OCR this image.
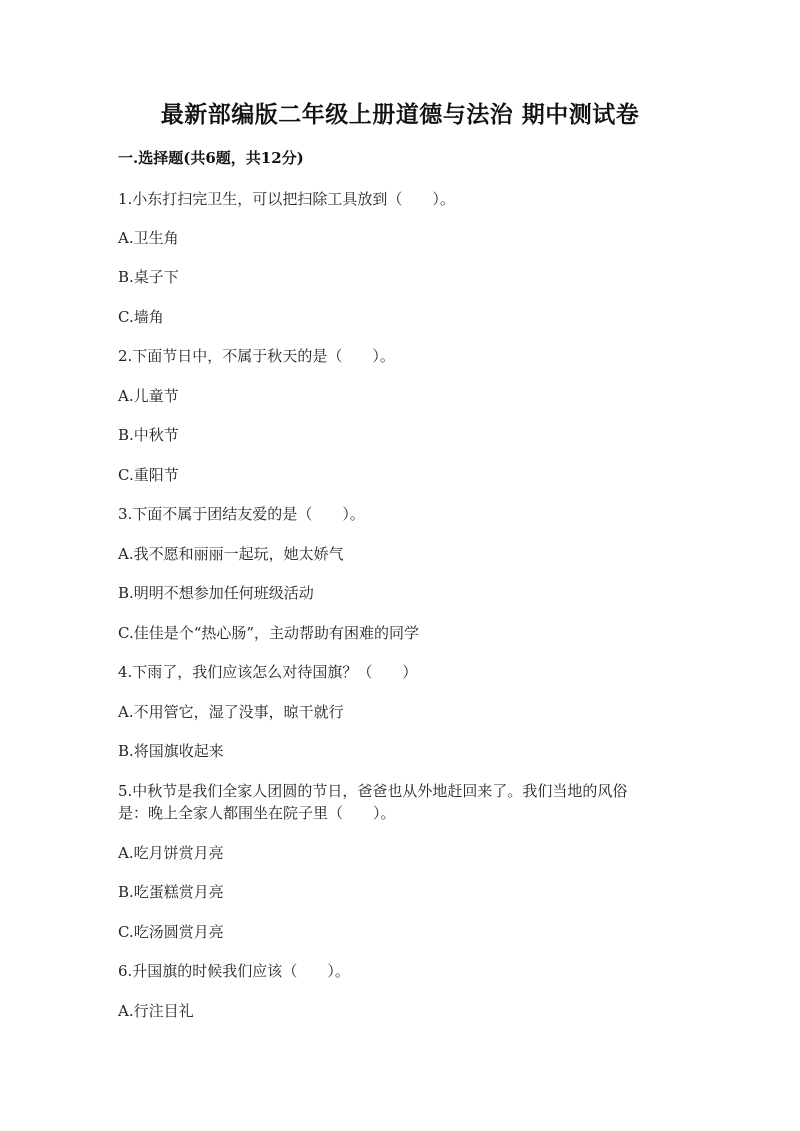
最新部编版二年级上册道德与法治 期中测试卷
一.选择题(共6题，共12分)
1.小东打扫完卫生，可以把扫除工具放到（　　）。
A.卫生角
B.桌子下
C.墙角
2.下面节日中，不属于秋天的是（　　）。
A.儿童节
B.中秋节
C.重阳节
3.下面不属于团结友爱的是（　　）。
A.我不愿和丽丽一起玩，她太娇气
B.明明不想参加任何班级活动
C.佳佳是个“热心肠”，主动帮助有困难的同学
4.下雨了，我们应该怎么对待国旗？（　　）
A.不用管它，湿了没事，晾干就行
B.将国旗收起来
5.中秋节是我们全家人团圆的节日，爸爸也从外地赶回来了。我们当地的风俗
是：晚上全家人都围坐在院子里（　　）。
A.吃月饼赏月亮
B.吃蛋糕赏月亮
C.吃汤圆赏月亮
6.升国旗的时候我们应该（　　）。
A.行注目礼
